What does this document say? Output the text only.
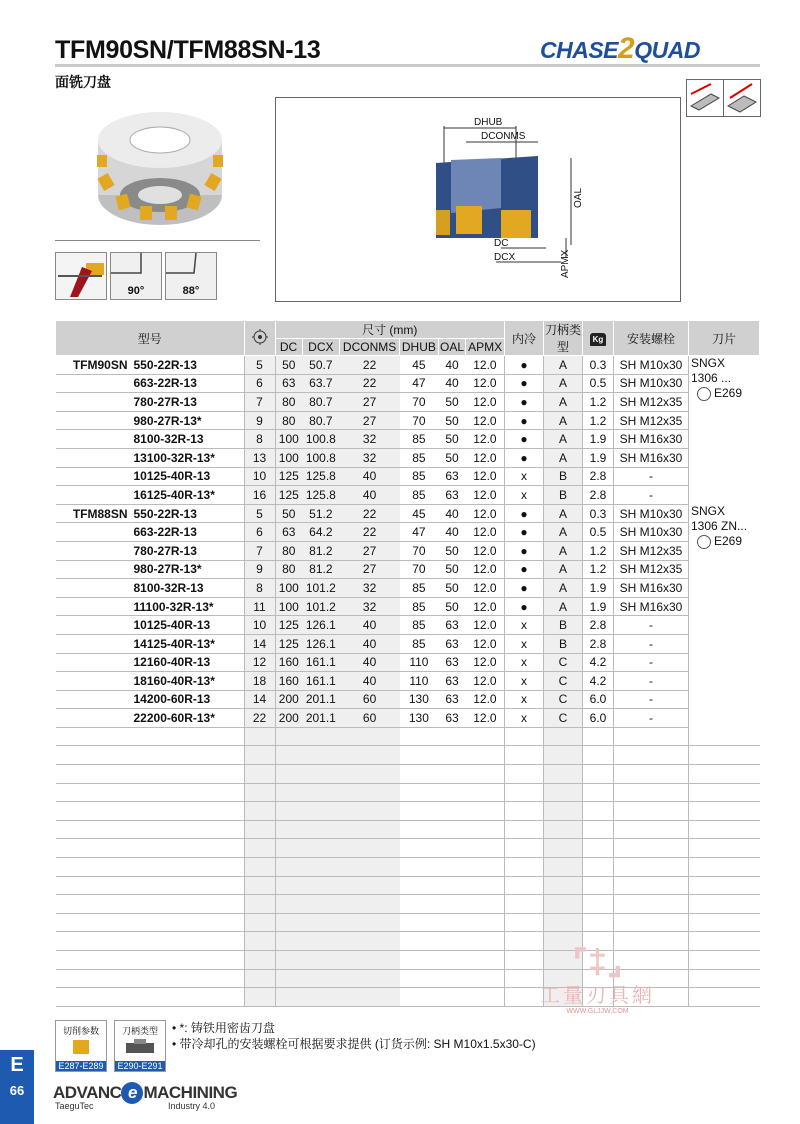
TFM90SN/TFM88SN-13
面铣刀盘
CHASE2QUAD
90°	88°
DHUB
DCONMS
OAL
DC
DCX	APMX
型号			尺寸 (mm)						内冷	刀柄类型	Kg	安装螺栓	刀片
			DC	DCX	DCONMS	DHUB	OAL	APMX					
TFM90SN	550-22R-13	5	50	50.7	22	45	40	12.0	●	A	0.3	SH M10x30	SNGX
1306 ...
E269

	663-22R-13	6	63	63.7	22	47	40	12.0	●	A	0.5	SH M10x30	
	780-27R-13	7	80	80.7	27	70	50	12.0	●	A	1.2	SH M12x35	
	980-27R-13*	9	80	80.7	27	70	50	12.0	●	A	1.2	SH M12x35	
	8100-32R-13	8	100	100.8	32	85	50	12.0	●	A	1.9	SH M16x30	
	13100-32R-13*	13	100	100.8	32	85	50	12.0	●	A	1.9	SH M16x30	
	10125-40R-13	10	125	125.8	40	85	63	12.0	x	B	2.8	-	
	16125-40R-13*	16	125	125.8	40	85	63	12.0	x	B	2.8	-	
TFM88SN	550-22R-13	5	50	51.2	22	45	40	12.0	●	A	0.3	SH M10x30	SNGX
1306 ZN...
E269

	663-22R-13	6	63	64.2	22	47	40	12.0	●	A	0.5	SH M10x30	
	780-27R-13	7	80	81.2	27	70	50	12.0	●	A	1.2	SH M12x35	
	980-27R-13*	9	80	81.2	27	70	50	12.0	●	A	1.2	SH M12x35	
	8100-32R-13	8	100	101.2	32	85	50	12.0	●	A	1.9	SH M16x30	
	11100-32R-13*	11	100	101.2	32	85	50	12.0	●	A	1.9	SH M16x30	
	10125-40R-13	10	125	126.1	40	85	63	12.0	x	B	2.8	-	
	14125-40R-13*	14	125	126.1	40	85	63	12.0	x	B	2.8	-	
	12160-40R-13	12	160	161.1	40	110	63	12.0	x	C	4.2	-	
	18160-40R-13*	18	160	161.1	40	110	63	12.0	x	C	4.2	-	
	14200-60R-13	14	200	201.1	60	130	63	12.0	x	C	6.0	-	
	22200-60R-13*	22	200	201.1	60	130	63	12.0	x	C	6.0	-	

⌜‡⌟
工量刃具網
WWW.GLJJW.COM
切削参数
E287-E289
刀柄类型
E290-E291
• *: 铸铁用密齿刀盘
• 带冷却孔的安装螺栓可根据要求提供 (订货示例: SH M10x1.5x30-C)
E
66	ADVANC e MACHINING
TaeguTec	Industry 4.0
